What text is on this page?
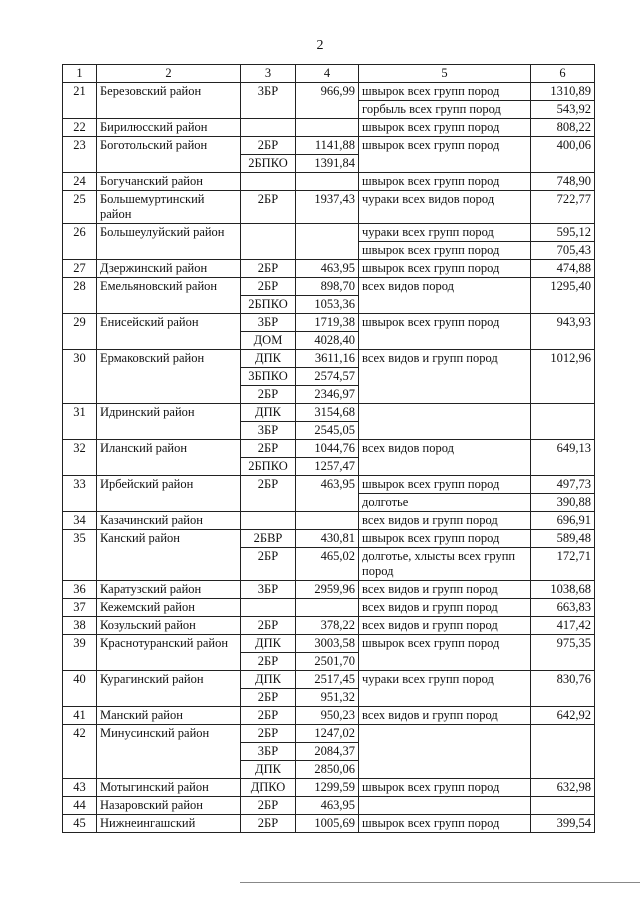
2
1	2	3	4	5	6
21	Березовский район	3БР	966,99	швырок всех групп пород	1310,89
				горбыль всех групп пород	543,92
22	Бирилюсский район			швырок всех групп пород	808,22
23	Боготольский район	2БР	1141,88	швырок всех групп пород	400,06
		2БПКО	1391,84		
24	Богучанский район			швырок всех групп пород	748,90
25	Большемуртинский район	2БР	1937,43	чураки всех видов пород	722,77
26	Большеулуйский район			чураки всех групп пород	595,12
				швырок всех групп пород	705,43
27	Дзержинский район	2БР	463,95	швырок всех групп пород	474,88
28	Емельяновский район	2БР	898,70	всех видов пород	1295,40
		2БПКО	1053,36		
29	Енисейский район	3БР	1719,38	швырок всех групп пород	943,93
		ДОМ	4028,40		
30	Ермаковский район	ДПК	3611,16	всех видов и групп пород	1012,96
		3БПКО	2574,57		
		2БР	2346,97		
31	Идринский район	ДПК	3154,68		
		3БР	2545,05		
32	Иланский район	2БР	1044,76	всех видов пород	649,13
		2БПКО	1257,47		
33	Ирбейский район	2БР	463,95	швырок всех групп пород	497,73
				долготье	390,88
34	Казачинский район			всех видов и групп пород	696,91
35	Канский район	2БВР	430,81	швырок всех групп пород	589,48
		2БР	465,02	долготье, хлысты всех групп пород	172,71
36	Каратузский район	3БР	2959,96	всех видов и групп пород	1038,68
37	Кежемский район			всех видов и групп пород	663,83
38	Козульский район	2БР	378,22	всех видов и групп пород	417,42
39	Краснотуранский район	ДПК	3003,58	швырок всех групп пород	975,35
		2БР	2501,70		
40	Курагинский район	ДПК	2517,45	чураки всех групп пород	830,76
		2БР	951,32		
41	Манский район	2БР	950,23	всех видов и групп пород	642,92
42	Минусинский район	2БР	1247,02		
		3БР	2084,37		
		ДПК	2850,06		
43	Мотыгинский район	ДПКО	1299,59	швырок всех групп пород	632,98
44	Назаровский район	2БР	463,95		
45	Нижнеингашский	2БР	1005,69	швырок всех групп пород	399,54
